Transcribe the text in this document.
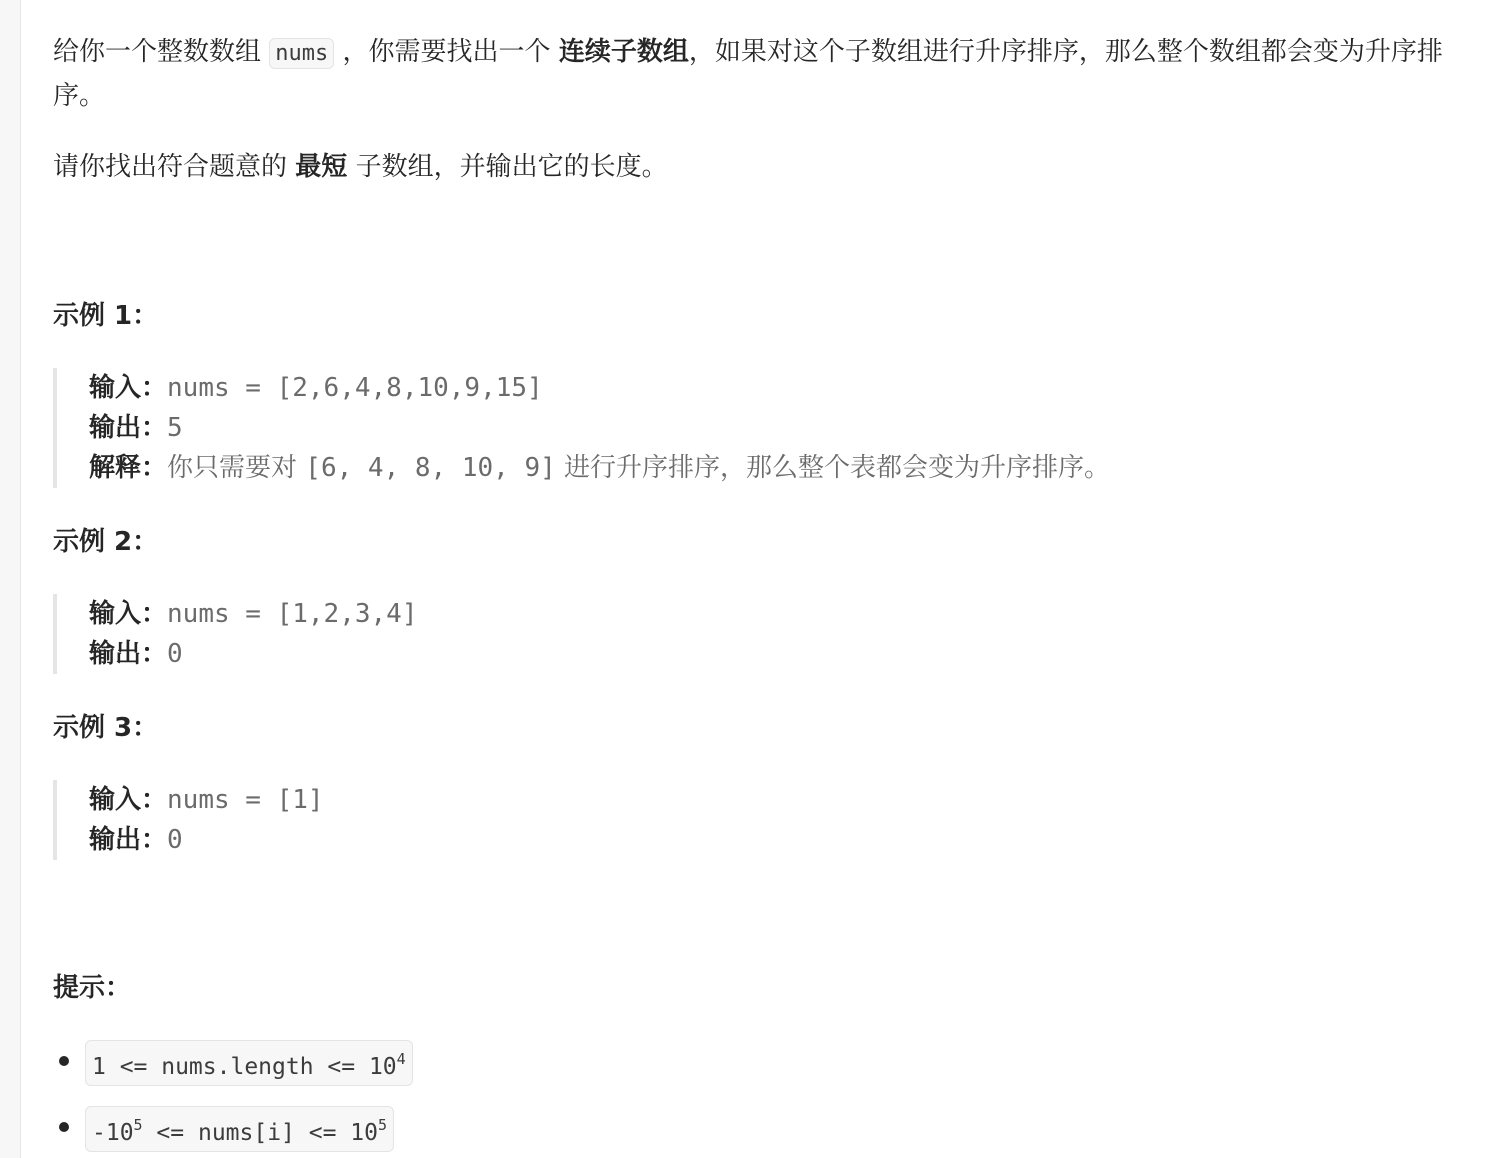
给你一个整数数组 nums ，你需要找出一个 连续子数组，如果对这个子数组进行升序排序，那么整个数组都会变为升序排序。

请你找出符合题意的 最短 子数组，并输出它的长度。

示例 1：

输入：nums = [2,6,4,8,10,9,15]
输出：5
解释：你只需要对 [6, 4, 8, 10, 9] 进行升序排序，那么整个表都会变为升序排序。

示例 2：

输入：nums = [1,2,3,4]
输出：0

示例 3：

输入：nums = [1]
输出：0

提示：

1 <= nums.length <= $10^4$
$-10^5$ <= nums[i] <= $10^5$
